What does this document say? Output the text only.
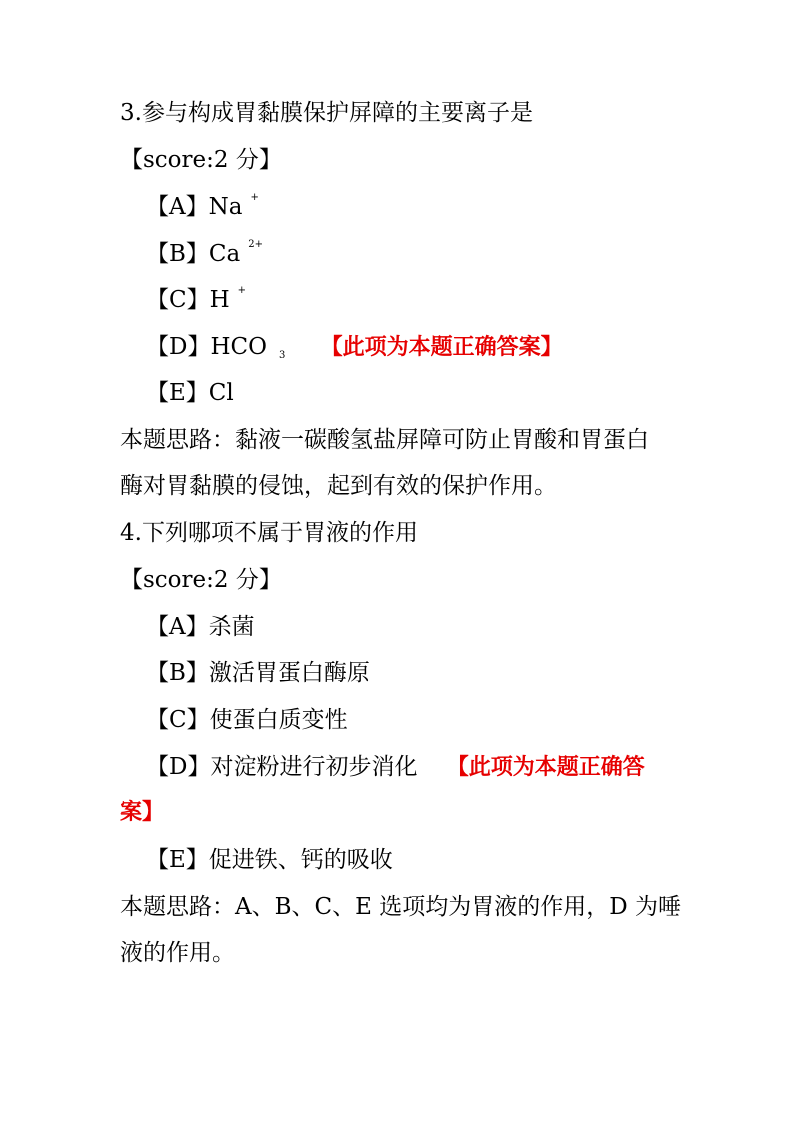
3.参与构成胃黏膜保护屏障的主要离子是
【score:2 分】
【A】Na +
【B】Ca $^{2+}$
【C】H +
【D】HCO 3 【此项为本题正确答案】
【E】Cl
本题思路：黏液一碳酸氢盐屏障可防止胃酸和胃蛋白
酶对胃黏膜的侵蚀，起到有效的保护作用。
4.下列哪项不属于胃液的作用
【score:2 分】
【A】杀菌
【B】激活胃蛋白酶原
【C】使蛋白质变性
【D】对淀粉进行初步消化 【此项为本题正确答
案】
【E】促进铁、钙的吸收
本题思路：A、B、C、E 选项均为胃液的作用，D 为唾
液的作用。
